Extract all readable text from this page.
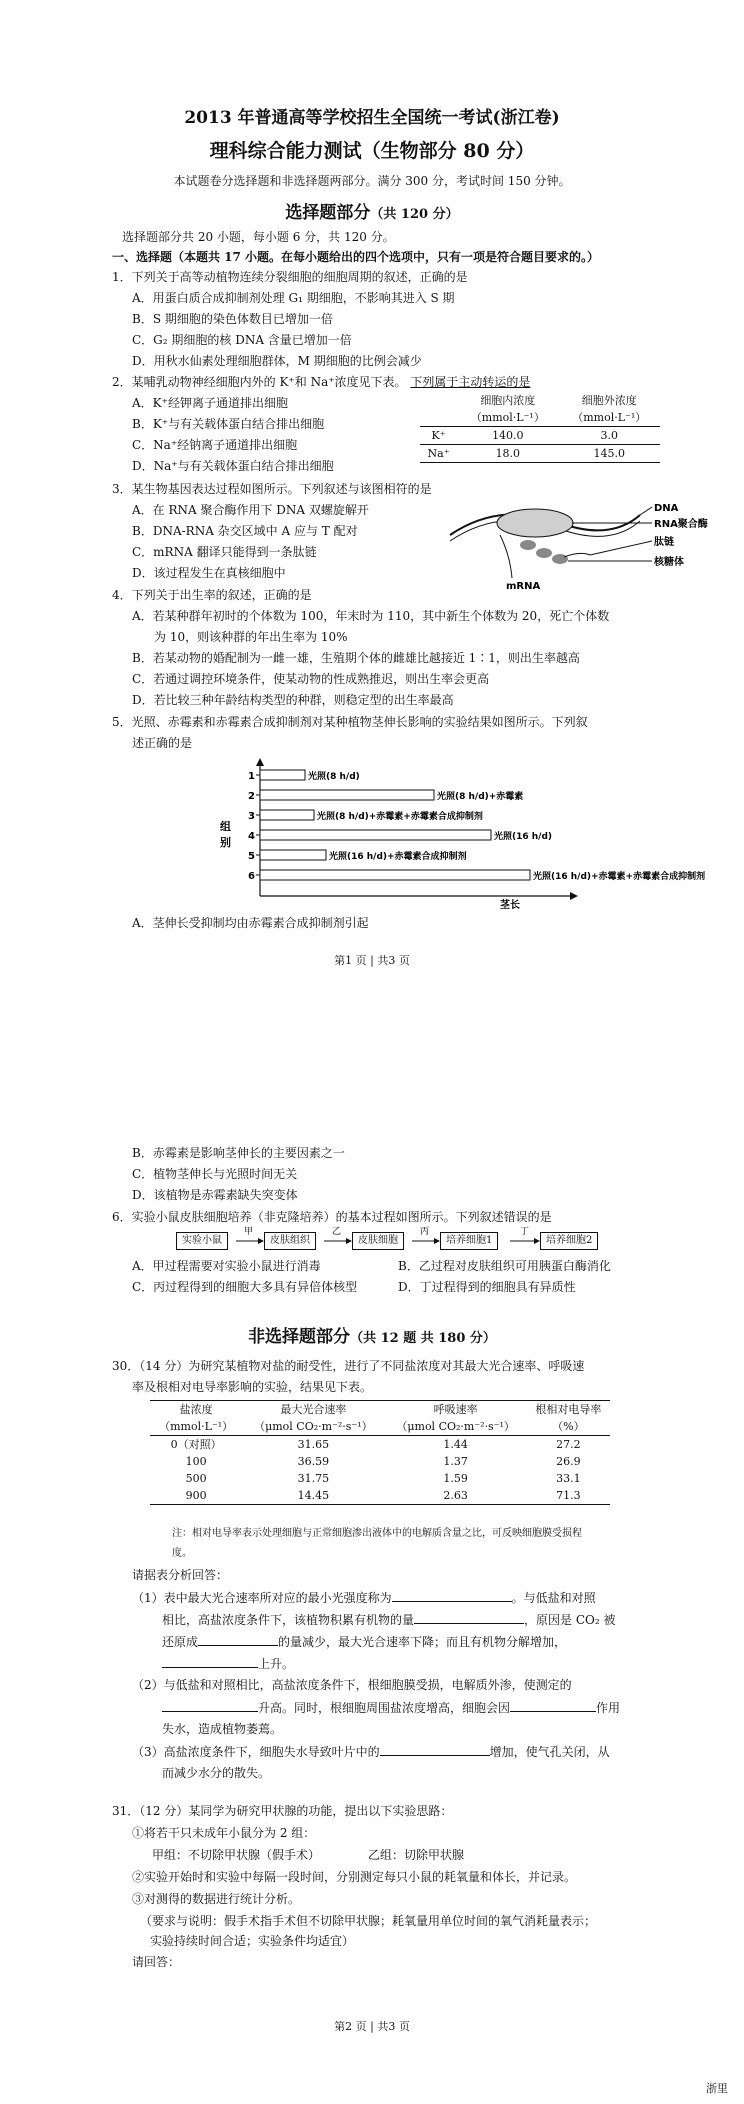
2013 年普通高等学校招生全国统一考试(浙江卷)
理科综合能力测试（生物部分 80 分）
本试题卷分选择题和非选择题两部分。满分 300 分，考试时间 150 分钟。
选择题部分（共 120 分）
选择题部分共 20 小题，每小题 6 分，共 120 分。
一、选择题（本题共 17 小题。在每小题给出的四个选项中，只有一项是符合题目要求的。）
1．下列关于高等动植物连续分裂细胞的细胞周期的叙述，正确的是
A．用蛋白质合成抑制剂处理 G₁ 期细胞，不影响其进入 S 期
B．S 期细胞的染色体数目已增加一倍
C．G₂ 期细胞的核 DNA 含量已增加一倍
D．用秋水仙素处理细胞群体，M 期细胞的比例会减少
2．某哺乳动物神经细胞内外的 K⁺和 Na⁺浓度见下表。 下列属于主动转运的是
A．K⁺经钾离子通道排出细胞
B．K⁺与有关载体蛋白结合排出细胞
C．Na⁺经钠离子通道排出细胞
D．Na⁺与有关载体蛋白结合排出细胞
	细胞内浓度	细胞外浓度
	（mmol·L⁻¹）	（mmol·L⁻¹）
K⁺	140.0	3.0
Na⁺	18.0	145.0
3．某生物基因表达过程如图所示。下列叙述与该图相符的是
A．在 RNA 聚合酶作用下 DNA 双螺旋解开
B．DNA-RNA 杂交区域中 A 应与 T 配对
C．mRNA 翻译只能得到一条肽链
D．该过程发生在真核细胞中
DNA
RNA聚合酶
肽链
核糖体
mRNA
4．下列关于出生率的叙述，正确的是
A．若某种群年初时的个体数为 100，年末时为 110，其中新生个体数为 20，死亡个体数
为 10，则该种群的年出生率为 10%
B．若某动物的婚配制为一雌一雄，生殖期个体的雌雄比越接近 1∶1，则出生率越高
C．若通过调控环境条件，使某动物的性成熟推迟，则出生率会更高
D．若比较三种年龄结构类型的种群，则稳定型的出生率最高
5．光照、赤霉素和赤霉素合成抑制剂对某种植物茎伸长影响的实验结果如图所示。下列叙
述正确的是
组别
茎长
1	光照(8 h/d)
2	光照(8 h/d)+赤霉素
3	光照(8 h/d)+赤霉素+赤霉素合成抑制剂
4	光照(16 h/d)
5	光照(16 h/d)+赤霉素合成抑制剂
6	光照(16 h/d)+赤霉素+赤霉素合成抑制剂
A．茎伸长受抑制均由赤霉素合成抑制剂引起
第1 页 | 共3 页
B．赤霉素是影响茎伸长的主要因素之一
C．植物茎伸长与光照时间无关
D．该植物是赤霉素缺失突变体
6．实验小鼠皮肤细胞培养（非克隆培养）的基本过程如图所示。下列叙述错误的是
实验小鼠	皮肤组织	皮肤细胞	培养细胞1	培养细胞2
甲	乙	丙	丁
A．甲过程需要对实验小鼠进行消毒	B．乙过程对皮肤组织可用胰蛋白酶消化
C．丙过程得到的细胞大多具有异倍体核型	D．丁过程得到的细胞具有异质性
非选择题部分（共 12 题 共 180 分）
30．（14 分）为研究某植物对盐的耐受性，进行了不同盐浓度对其最大光合速率、呼吸速
率及根相对电导率影响的实验，结果见下表。
盐浓度	最大光合速率	呼吸速率	根相对电导率
（mmol·L⁻¹）	（μmol CO₂·m⁻²·s⁻¹）	（μmol CO₂·m⁻²·s⁻¹）	（%）
0（对照）	31.65	1.44	27.2
100	36.59	1.37	26.9
500	31.75	1.59	33.1
900	14.45	2.63	71.3
注：相对电导率表示处理细胞与正常细胞渗出液体中的电解质含量之比，可反映细胞膜受损程
度。
请据表分析回答：
（1）表中最大光合速率所对应的最小光强度称为	。与低盐和对照
相比，高盐浓度条件下，该植物积累有机物的量	，原因是 CO₂ 被
还原成	的量减少，最大光合速率下降；而且有机物分解增加，
上升。
（2）与低盐和对照相比，高盐浓度条件下，根细胞膜受损，电解质外渗，使测定的
升高。同时，根细胞周围盐浓度增高，细胞会因	作用
失水，造成植物萎蔫。
（3）高盐浓度条件下，细胞失水导致叶片中的	增加，使气孔关闭，从
而减少水分的散失。
31．（12 分）某同学为研究甲状腺的功能，提出以下实验思路：
①将若干只未成年小鼠分为 2 组：
甲组：不切除甲状腺（假手术）	乙组：切除甲状腺
②实验开始时和实验中每隔一段时间，分别测定每只小鼠的耗氧量和体长，并记录。
③对测得的数据进行统计分析。
（要求与说明：假手术指手术但不切除甲状腺；耗氧量用单位时间的氧气消耗量表示；
实验持续时间合适；实验条件均适宜）
请回答：
第2 页 | 共3 页
浙里
